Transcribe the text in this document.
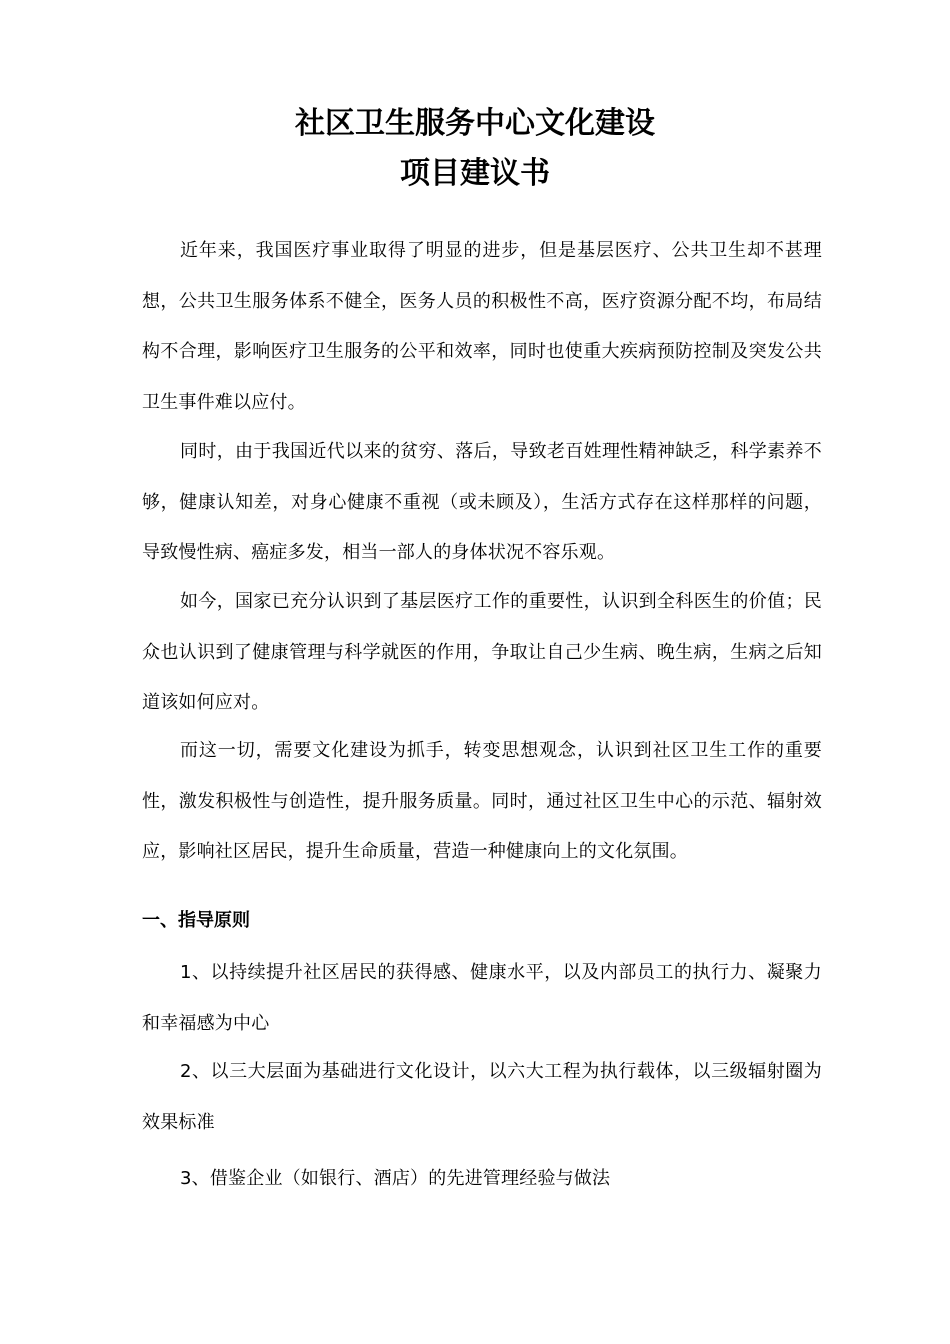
社区卫生服务中心文化建设
项目建议书

近年来，我国医疗事业取得了明显的进步，但是基层医疗、公共卫生却不甚理想，公共卫生服务体系不健全，医务人员的积极性不高，医疗资源分配不均，布局结构不合理，影响医疗卫生服务的公平和效率，同时也使重大疾病预防控制及突发公共卫生事件难以应付。

同时，由于我国近代以来的贫穷、落后，导致老百姓理性精神缺乏，科学素养不够，健康认知差，对身心健康不重视（或未顾及），生活方式存在这样那样的问题，导致慢性病、癌症多发，相当一部人的身体状况不容乐观。

如今，国家已充分认识到了基层医疗工作的重要性，认识到全科医生的价值；民众也认识到了健康管理与科学就医的作用，争取让自己少生病、晚生病，生病之后知道该如何应对。

而这一切，需要文化建设为抓手，转变思想观念，认识到社区卫生工作的重要性，激发积极性与创造性，提升服务质量。同时，通过社区卫生中心的示范、辐射效应，影响社区居民，提升生命质量，营造一种健康向上的文化氛围。

一、指导原则

1、以持续提升社区居民的获得感、健康水平，以及内部员工的执行力、凝聚力和幸福感为中心

2、以三大层面为基础进行文化设计，以六大工程为执行载体，以三级辐射圈为效果标准

3、借鉴企业（如银行、酒店）的先进管理经验与做法
